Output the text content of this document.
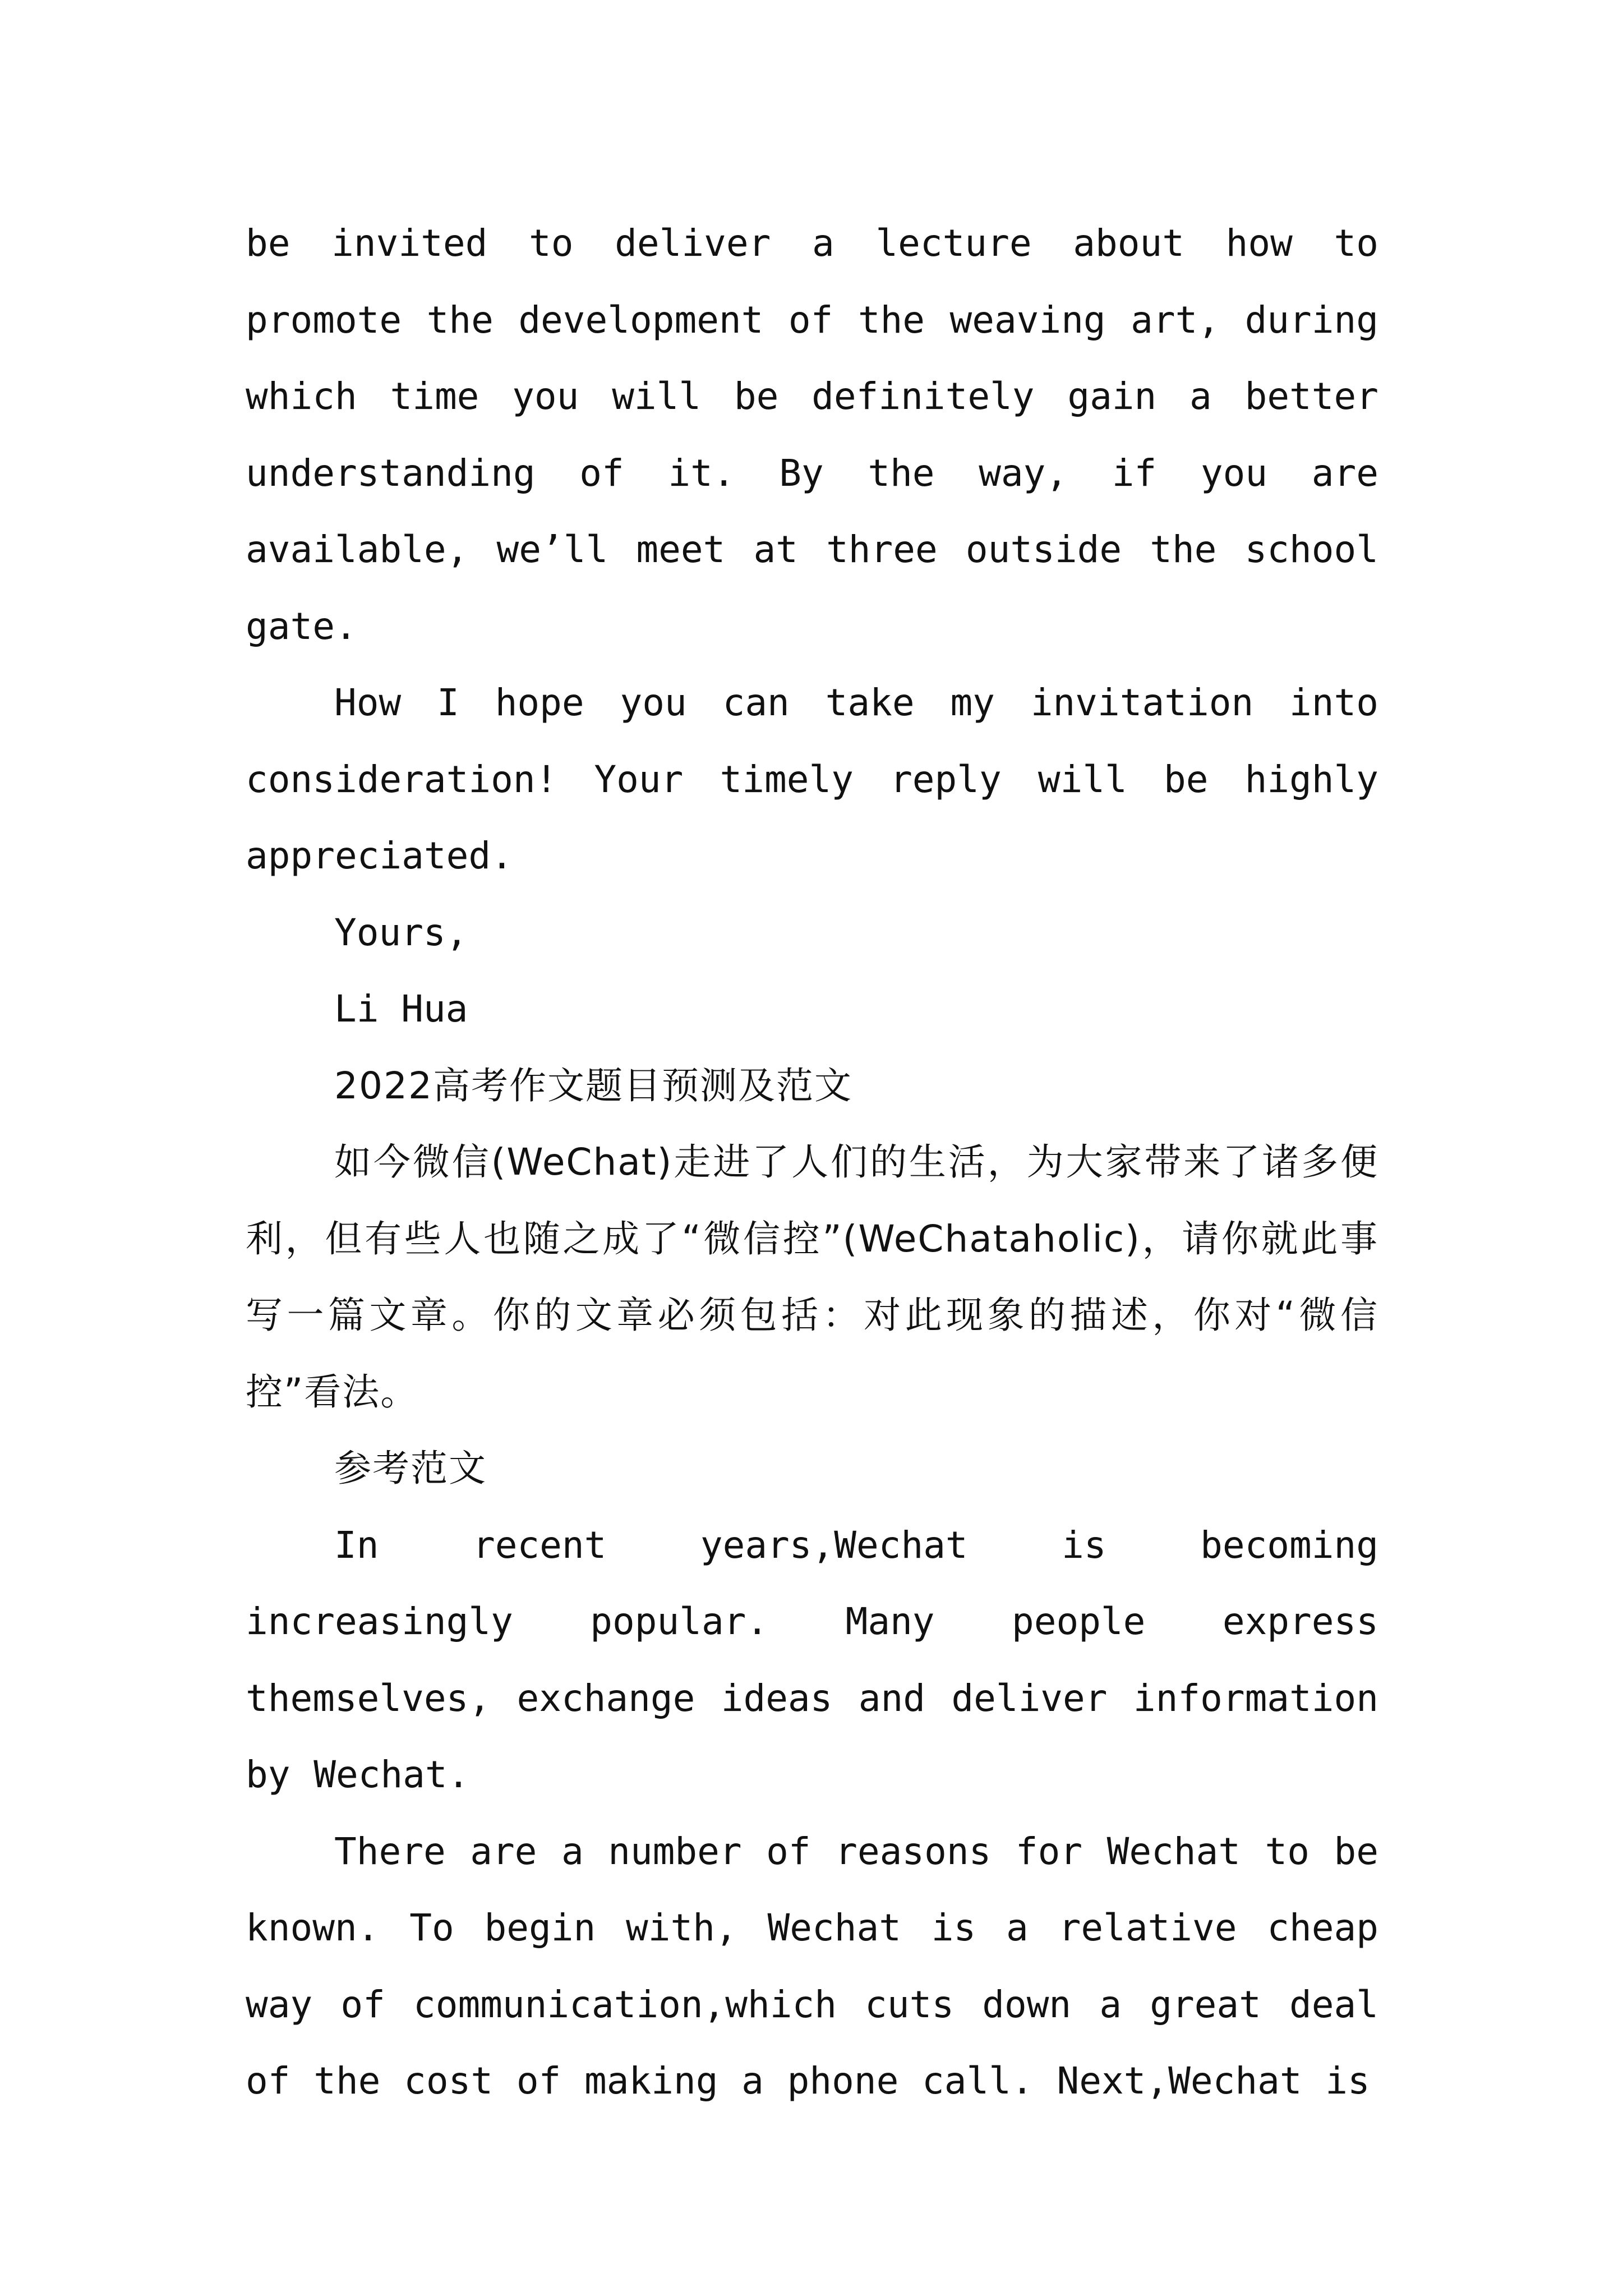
be invited to deliver a lecture about how to promote the development of the weaving art, during which time you will be definitely gain a better understanding of it. By the way, if you are available, we’ll meet at three outside the school gate.

How I hope you can take my invitation into consideration! Your timely reply will be highly appreciated.

Yours,

Li Hua

2022高考作文题目预测及范文

如今微信(WeChat)走进了人们的生活，为大家带来了诸多便利，但有些人也随之成了“微信控”(WeChataholic)，请你就此事写一篇文章。你的文章必须包括：对此现象的描述，你对“微信控”看法。

参考范文

In recent years,Wechat is becoming increasingly popular. Many people express themselves, exchange ideas and deliver information by Wechat.

There are a number of reasons for Wechat to be known. To begin with, Wechat is a relative cheap way of communication,which cuts down a great deal of the cost of making a phone call. Next,Wechat is
